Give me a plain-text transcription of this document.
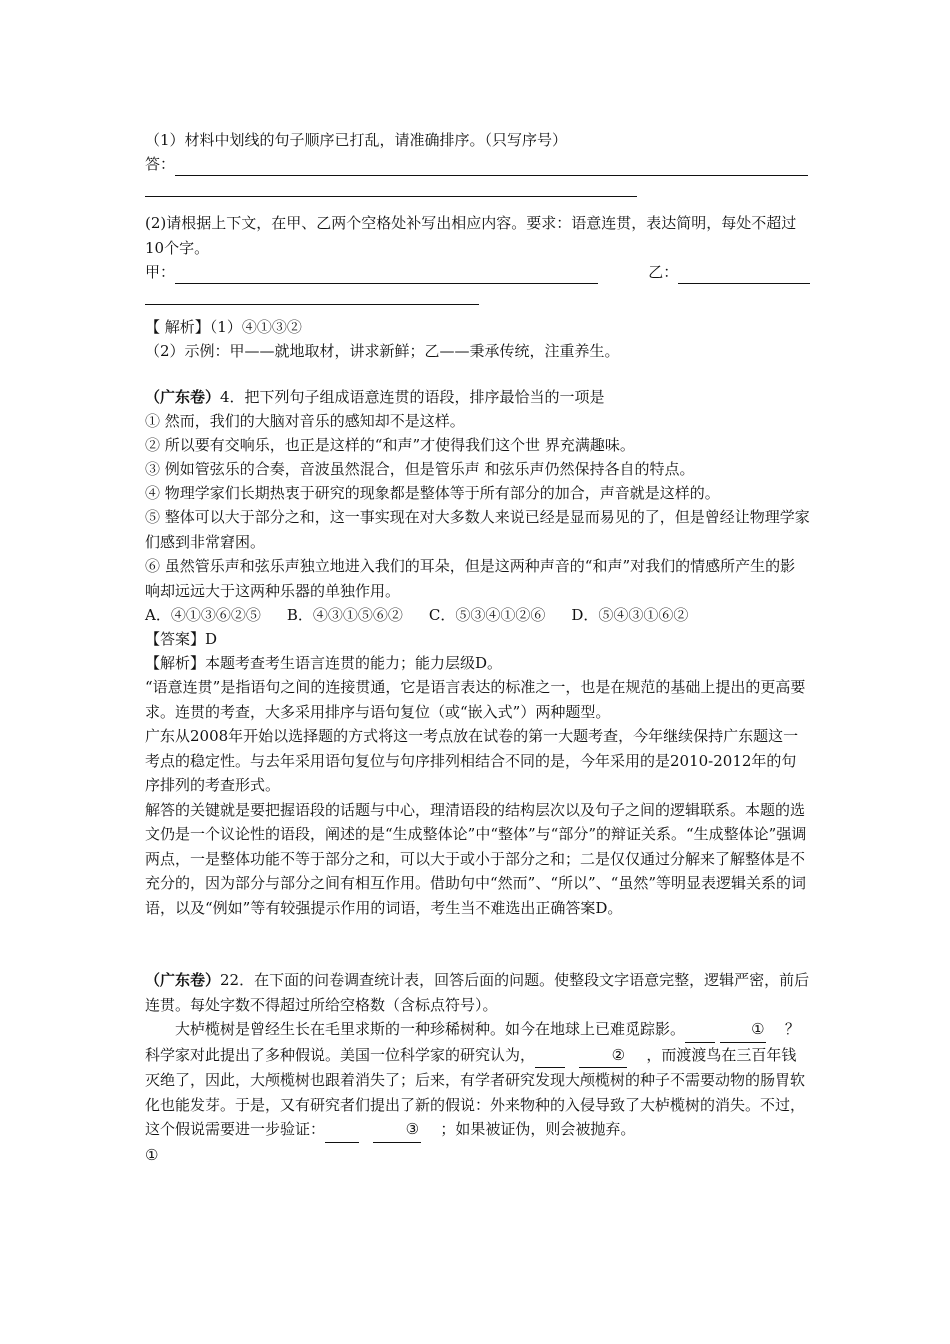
（1）材料中划线的句子顺序已打乱，请准确排序。（只写序号）
答：
(2)请根据上下文，在甲、乙两个空格处补写出相应内容。要求：语意连贯，表达简明，每处不超过10个字。
甲：	乙：
【 解析】（1）④①③②
（2）示例：甲——就地取材，讲求新鲜；乙——秉承传统，注重养生。
（广东卷）4．把下列句子组成语意连贯的语段，排序最恰当的一项是
① 然而，我们的大脑对音乐的感知却不是这样。
② 所以要有交响乐，也正是这样的“和声”才使得我们这个世 界充满趣味。
③ 例如管弦乐的合奏，音波虽然混合，但是管乐声 和弦乐声仍然保持各自的特点。
④ 物理学家们长期热衷于研究的现象都是整体等于所有部分的加合，声音就是这样的。
⑤ 整体可以大于部分之和，这一事实现在对大多数人来说已经是显而易见的了，但是曾经让物理学家们感到非常窘困。
⑥ 虽然管乐声和弦乐声独立地进入我们的耳朵，但是这两种声音的“和声”对我们的情感所产生的影响却远远大于这两种乐器的单独作用。
A．④①③⑥②⑤ B．④③①⑤⑥② C．⑤③④①②⑥ D．⑤④③①⑥②
【答案】D
【解析】本题考查考生语言连贯的能力；能力层级D。
“语意连贯”是指语句之间的连接贯通，它是语言表达的标准之一，也是在规范的基础上提出的更高要求。连贯的考查，大多采用排序与语句复位（或“嵌入式”）两种题型。
广东从2008年开始以选择题的方式将这一考点放在试卷的第一大题考查，今年继续保持广东题这一考点的稳定性。与去年采用语句复位与句序排列相结合不同的是，今年采用的是2010-2012年的句序排列的考查形式。
解答的关键就是要把握语段的话题与中心，理清语段的结构层次以及句子之间的逻辑联系。本题的选文仍是一个议论性的语段，阐述的是“生成整体论”中“整体”与“部分”的辩证关系。“生成整体论”强调两点，一是整体功能不等于部分之和，可以大于或小于部分之和；二是仅仅通过分解来了解整体是不充分的，因为部分与部分之间有相互作用。借助句中“然而”、“所以”、“虽然”等明显表逻辑关系的词语，以及“例如”等有较强提示作用的词语，考生当不难选出正确答案D。
（广东卷）22．在下面的问卷调查统计表，回答后面的问题。使整段文字语意完整，逻辑严密，前后连贯。每处字数不得超过所给空格数（含标点符号）。
大栌榄树是曾经生长在毛里求斯的一种珍稀树种。如今在地球上已难觅踪影。	① ？科学家对此提出了多种假说。美国一位科学家的研究认为，	② ，而渡渡鸟在三百年钱灭绝了，因此，大颅榄树也跟着消失了；后来，有学者研究发现大颅榄树的种子不需要动物的肠胃软化也能发芽。于是，又有研究者们提出了新的假说：外来物种的入侵导致了大栌榄树的消失。不过，这个假说需要进一步验证：	③ ；如果被证伪，则会被抛弃。
①
